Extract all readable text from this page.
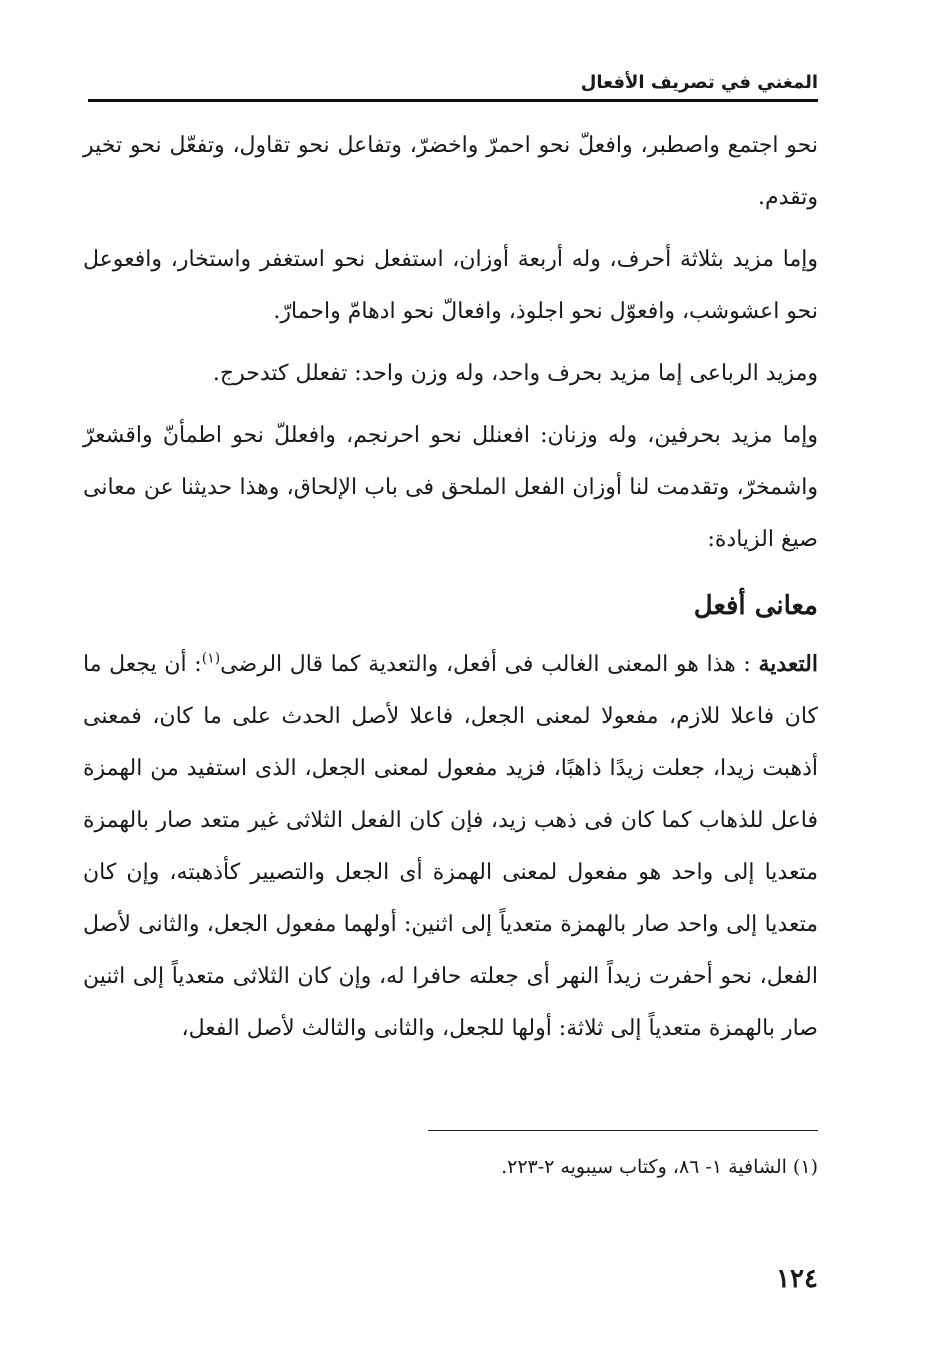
المغني في تصريف الأفعال

نحو اجتمع واصطبر، وافعلّ نحو احمرّ واخضرّ، وتفاعل نحو تقاول، وتفعّل نحو تخير وتقدم.

وإما مزيد بثلاثة أحرف، وله أربعة أوزان، استفعل نحو استغفر واستخار، وافعوعل نحو اعشوشب، وافعوّل نحو اجلوذ، وافعالّ نحو ادهامّ واحمارّ.

ومزيد الرباعى إما مزيد بحرف واحد، وله وزن واحد: تفعلل كتدحرج.

وإما مزيد بحرفين، وله وزنان: افعنلل نحو احرنجم، وافعللّ نحو اطمأنّ واقشعرّ واشمخرّ، وتقدمت لنا أوزان الفعل الملحق فى باب الإلحاق، وهذا حديثنا عن معانى صيغ الزيادة:

معانى أفعل

التعدية : هذا هو المعنى الغالب فى أفعل، والتعدية كما قال الرضى$^{(١)}$: أن يجعل ما كان فاعلا للازم، مفعولا لمعنى الجعل، فاعلا لأصل الحدث على ما كان، فمعنى أذهبت زيدا، جعلت زيدًا ذاهبًا، فزيد مفعول لمعنى الجعل، الذى استفيد من الهمزة فاعل للذهاب كما كان فى ذهب زيد، فإن كان الفعل الثلاثى غير متعد صار بالهمزة متعديا إلى واحد هو مفعول لمعنى الهمزة أى الجعل والتصيير كأذهبته، وإن كان متعديا إلى واحد صار بالهمزة متعدياً إلى اثنين: أولهما مفعول الجعل، والثانى لأصل الفعل، نحو أحفرت زيداً النهر أى جعلته حافرا له، وإن كان الثلاثى متعدياً إلى اثنين صار بالهمزة متعدياً إلى ثلاثة: أولها للجعل، والثانى والثالث لأصل الفعل،

(١) الشافية ١- ٨٦، وكتاب سيبويه ٢-٢٢٣.
١٢٤
